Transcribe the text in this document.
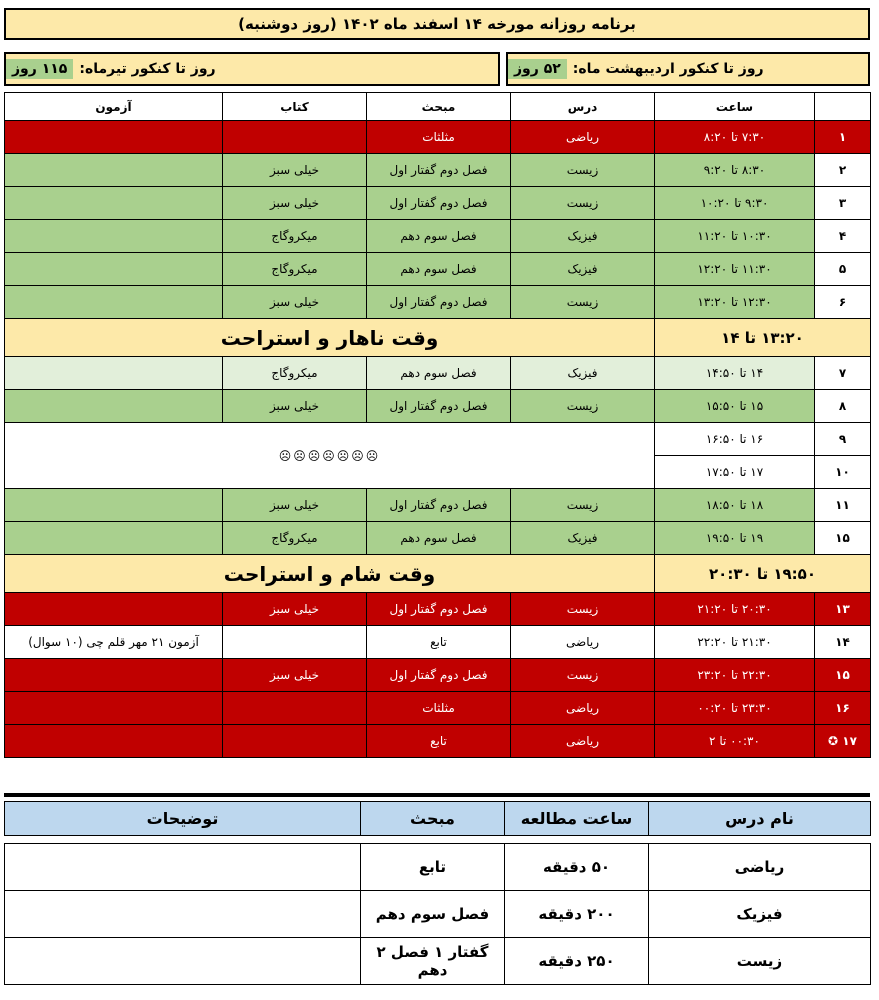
برنامه روزانه مورخه ۱۴ اسفند ماه ۱۴۰۲ (روز دوشنبه)
روز تا کنکور اردیبهشت ماه:
۵۲ روز
روز تا کنکور تیرماه:
۱۱۵ روز
	ساعت	درس	مبحث	کتاب	آزمون
۱	۷:۳۰ تا ۸:۲۰	ریاضی	مثلثات		
۲	۸:۳۰ تا ۹:۲۰	زیست	فصل دوم گفتار اول	خیلی سبز	
۳	۹:۳۰ تا ۱۰:۲۰	زیست	فصل دوم گفتار اول	خیلی سبز	
۴	۱۰:۳۰ تا ۱۱:۲۰	فیزیک	فصل سوم دهم	میکروگاج	
۵	۱۱:۳۰ تا ۱۲:۲۰	فیزیک	فصل سوم دهم	میکروگاج	
۶	۱۲:۳۰ تا ۱۳:۲۰	زیست	فصل دوم گفتار اول	خیلی سبز	
۱۳:۲۰ تا ۱۴		وقت ناهار و استراحت			
۷	۱۴ تا ۱۴:۵۰	فیزیک	فصل سوم دهم	میکروگاج	
۸	۱۵ تا ۱۵:۵۰	زیست	فصل دوم گفتار اول	خیلی سبز	
۹	۱۶ تا ۱۶:۵۰	☹☹☹☹☹☹☹			
۱۰	۱۷ تا ۱۷:۵۰				
۱۱	۱۸ تا ۱۸:۵۰	زیست	فصل دوم گفتار اول	خیلی سبز	
۱۵	۱۹ تا ۱۹:۵۰	فیزیک	فصل سوم دهم	میکروگاج	
۱۹:۵۰ تا ۲۰:۳۰		وقت شام و استراحت			
۱۳	۲۰:۳۰ تا ۲۱:۲۰	زیست	فصل دوم گفتار اول	خیلی سبز	
۱۴	۲۱:۳۰ تا ۲۲:۲۰	ریاضی	تابع		آزمون ۲۱ مهر قلم چی (۱۰ سوال)
۱۵	۲۲:۳۰ تا ۲۳:۲۰	زیست	فصل دوم گفتار اول	خیلی سبز	
۱۶	۲۳:۳۰ تا ۰۰:۲۰	ریاضی	مثلثات		
۱۷ ✪	۰۰:۳۰ تا ۲	ریاضی	تابع		
نام درس	ساعت مطالعه	مبحث	توضیحات

ریاضی	۵۰ دقیقه	تابع	
فیزیک	۲۰۰ دقیقه	فصل سوم دهم	
زیست	۲۵۰ دقیقه	گفتار ۱ فصل ۲ دهم	
